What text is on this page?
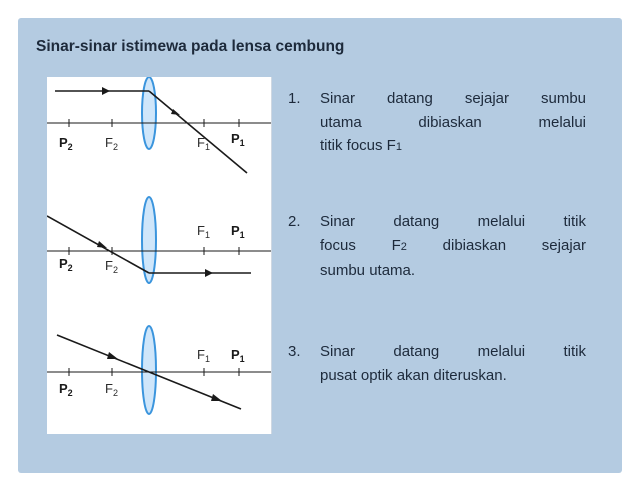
Sinar-sinar istimewa pada lensa cembung
$P_2$ $F_2$	$F_1$
$P_1$
$P_2$ $F_2$
$F_1$ $P_1$
$P_2$ $F_2$
$F_1$ $P_1$
1. Sinar datang sejajar sumbu
utama dibiaskan melalui
titik focus F1
2. Sinar datang melalui titik
focus F2 dibiaskan sejajar
sumbu utama.
3. Sinar datang melalui titik
pusat optik akan diteruskan.
